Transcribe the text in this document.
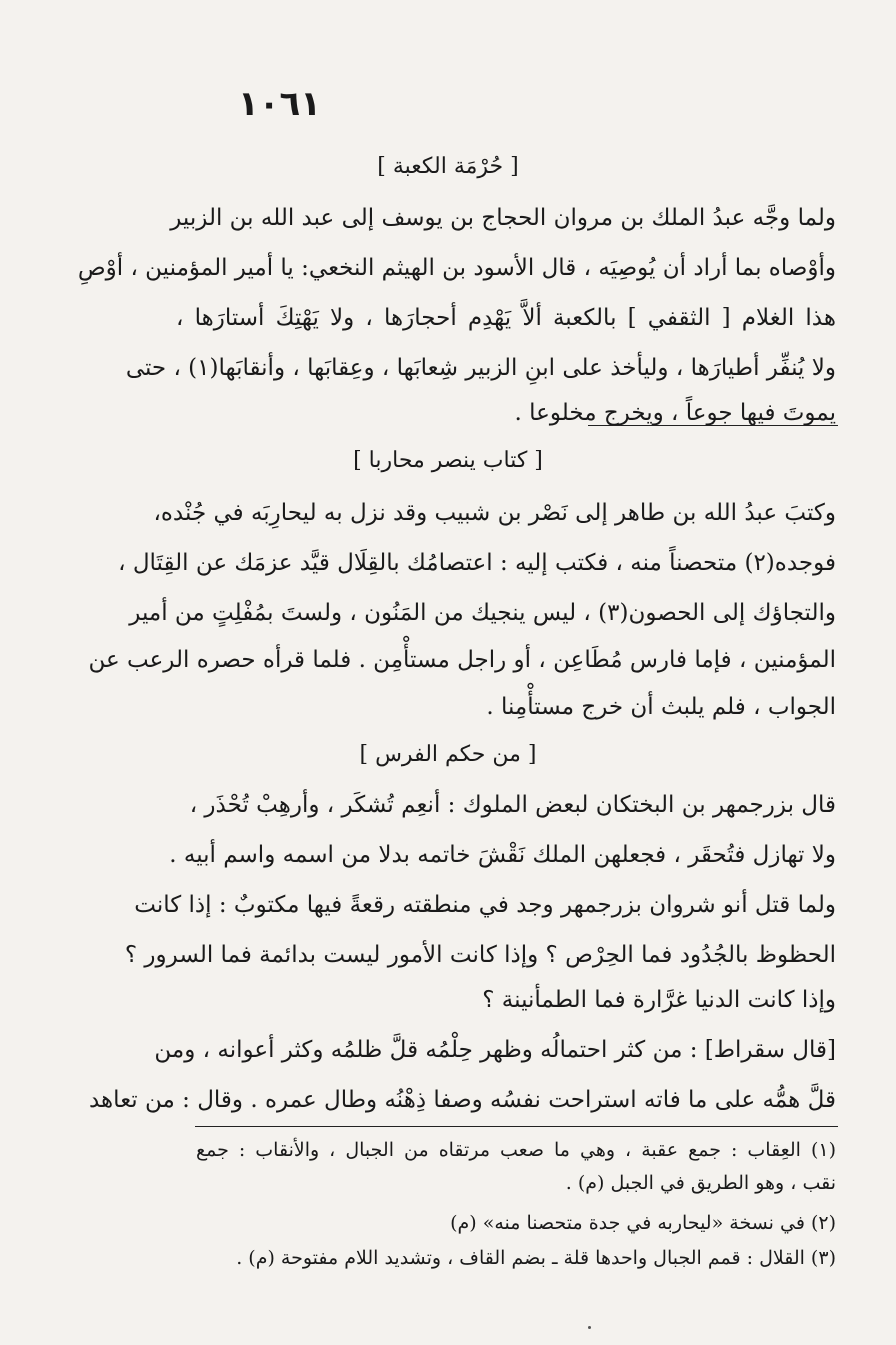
١٠٦١
[ حُرْمَة الكعبة ]
ولما وجَّه عبدُ الملك بن مروان الحجاج بن يوسف إلى عبد الله بن الزبير
وأوْصاه بما أراد أن يُوصِيَه ، قال الأسود بن الهيثم النخعي: يا أمير المؤمنين ، أوْصِ
هذا الغلام [ الثقفي ] بالكعبة ألاَّ يَهْدِم أحجارَها ، ولا يَهْتِكَ أستارَها ،
ولا يُنفِّر أطيارَها ، وليأخذ على ابنِ الزبير شِعابَها ، وعِقابَها ، وأنقابَها(١) ، حتى
يموتَ فيها جوعاً ، ويخرج مخلوعا .
[ كتاب ينصر محاربا ]
وكتبَ عبدُ الله بن طاهر إلى نَصْر بن شبيب وقد نزل به ليحارِبَه في جُنْده،
فوجده(٢) متحصناً منه ، فكتب إليه : اعتصامُك بالقِلَال قيَّد عزمَك عن القِتَال ،
والتجاؤك إلى الحصون(٣) ، ليس ينجيك من المَنُون ، ولستَ بمُفْلِتٍ من أمير
المؤمنين ، فإما فارس مُطَاعِن ، أو راجل مستأْمِن . فلما قرأه حصره الرعب عن
الجواب ، فلم يلبث أن خرج مستأْمِنا .
[ من حكم الفرس ]
قال بزرجمهر بن البختكان لبعض الملوك : أنعِم تُشكَر ، وأرهِبْ تُحْذَر ،
ولا تهازل فتُحقَر ، فجعلهن الملك نَقْشَ خاتمه بدلا من اسمه واسم أبيه .
ولما قتل أنو شروان بزرجمهر وجد في منطقته رقعةً فيها مكتوبٌ : إذا كانت
الحظوظ بالجُدُود فما الحِرْص ؟ وإذا كانت الأمور ليست بدائمة فما السرور ؟
وإذا كانت الدنيا غرَّارة فما الطمأنينة ؟
[قال سقراط] : من كثر احتمالُه وظهر حِلْمُه قلَّ ظلمُه وكثر أعوانه ، ومن
قلَّ همُّه على ما فاته استراحت نفسُه وصفا ذِهْنُه وطال عمره . وقال : من تعاهد
(١) العِقاب : جمع عقبة ، وهي ما صعب مرتقاه من الجبال ، والأنقاب : جمع
نقب ، وهو الطريق في الجبل (م) .
(٢) في نسخة «ليحاربه في جدة متحصنا منه» (م)
(٣) القلال : قمم الجبال واحدها قلة ـ بضم القاف ، وتشديد اللام مفتوحة (م) .
